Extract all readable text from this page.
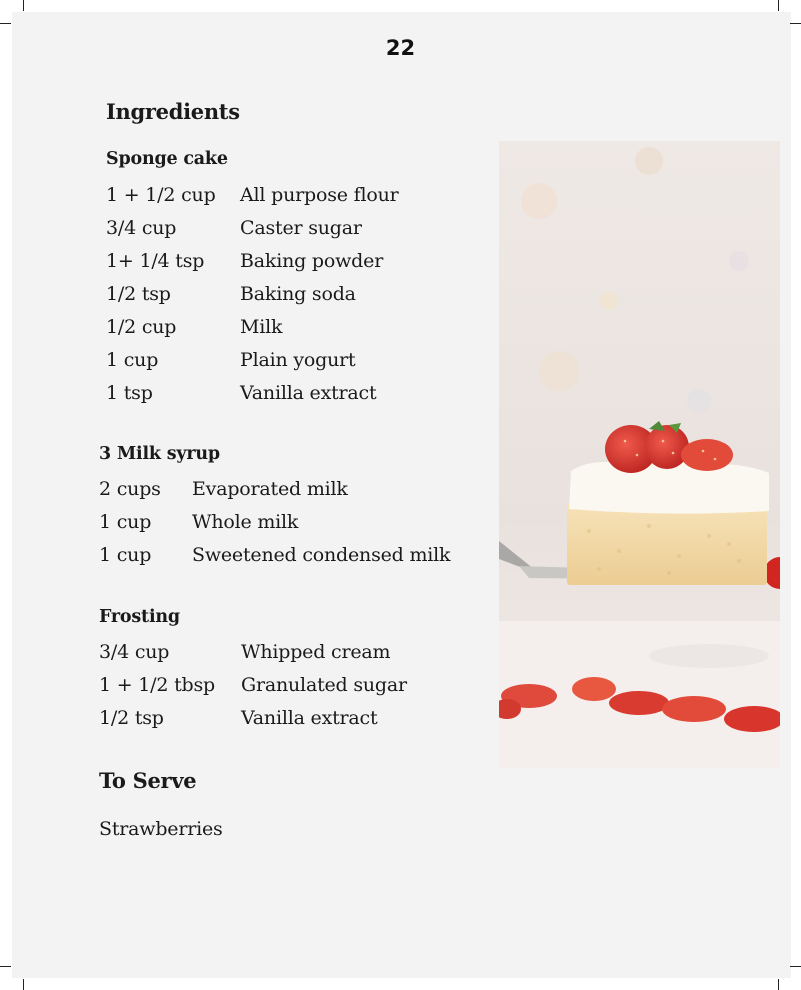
22
Ingredients
Sponge cake
1 + 1/2 cup All purpose flour
3/4 cup	Caster sugar
1+ 1/4 tsp Baking powder
1/2 tsp	Baking soda
1/2 cup	Milk
1 cup	Plain yogurt
1 tsp	Vanilla extract
3 Milk syrup
2 cups Evaporated milk
1 cup Whole milk
1 cup Sweetened condensed milk
Frosting
3/4 cup	Whipped cream
1 + 1/2 tbsp Granulated sugar
1/2 tsp	Vanilla extract
To Serve
Strawberries
